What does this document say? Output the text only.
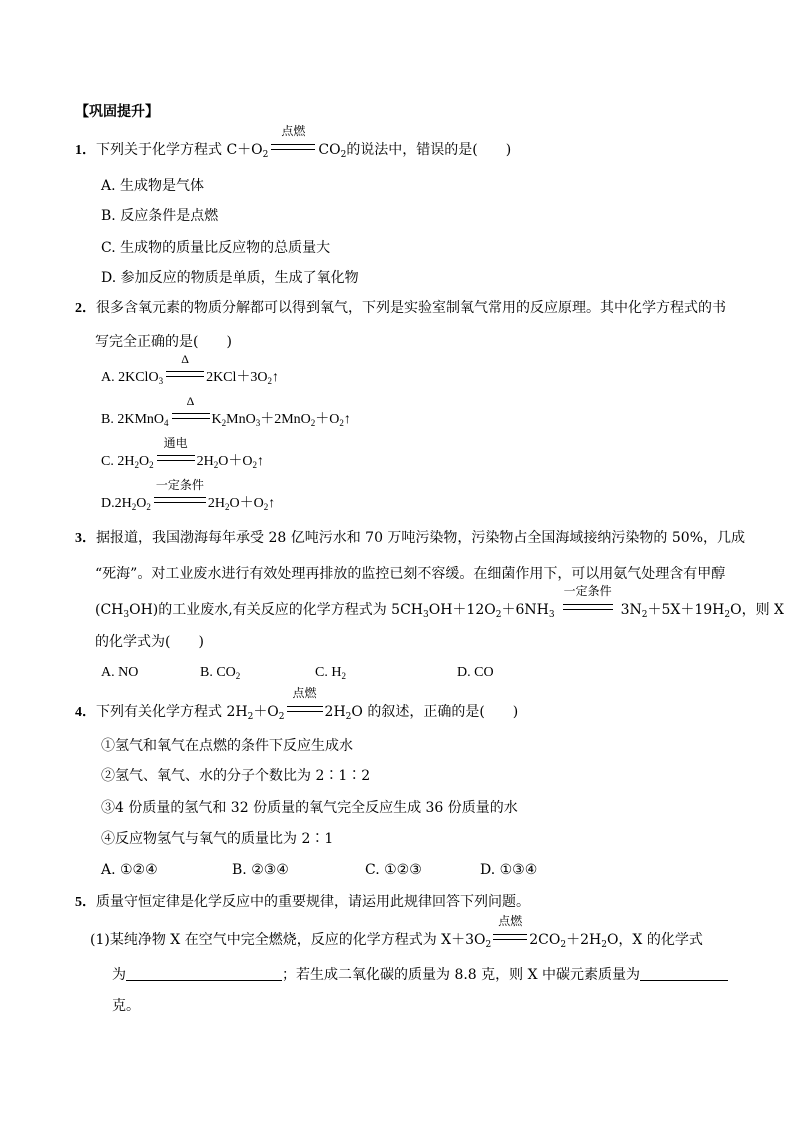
【巩固提升】
1．下列关于化学方程式 $C+O_2$
点燃
$CO_2$的说法中，错误的是(　　)
A. 生成物是气体
B. 反应条件是点燃
C. 生成物的质量比反应物的总质量大
D. 参加反应的物质是单质，生成了氧化物
2．很多含氧元素的物质分解都可以得到氧气，下列是实验室制氧气常用的反应原理。其中化学方程式的书
写完全正确的是(　　)
A. 2KClO$_3$
Δ
$2KCl+3O_2↑$
B. 2KMnO$_4$
Δ
$K_2MnO_3+2MnO_2+O_2↑$
C. $2H_2O_2$
通电
$2H_2O+O_2↑$
$D.2H_2O_2$
一定条件
$2H_2O+O_2↑$
3．据报道，我国渤海每年承受 28 亿吨污水和 70 万吨污染物，污染物占全国海域接纳污染物的 50%，几成
“死海”。对工业废水进行有效处理再排放的监控已刻不容缓。在细菌作用下，可以用氨气处理含有甲醇
$(CH_3OH)$的工业废水,有关反应的化学方程式为 $5CH_3OH+12O_2+6NH_3$
一定条件
$3N_2+5X+19H_2O$，则 X
的化学式为(　　)
A. NO	B. $CO_2$	C. $H_2$	D. CO
4．下列有关化学方程式 $2H_2+O_2$
点燃
$2H_2O$ 的叙述，正确的是(　　)
①氢气和氧气在点燃的条件下反应生成水
②氢气、氧气、水的分子个数比为 2∶1∶2
③4 份质量的氢气和 32 份质量的氧气完全反应生成 36 份质量的水
④反应物氢气与氧气的质量比为 2∶1
A. ①②④	B. ②③④	C. ①②③	D. ①③④
5．质量守恒定律是化学反应中的重要规律，请运用此规律回答下列问题。
(1)某纯净物 X 在空气中完全燃烧，反应的化学方程式为 $X+3O_2$
点燃
$2CO_2+2H_2O$，X 的化学式
为	；若生成二氧化碳的质量为 8.8 克，则 X 中碳元素质量为
克。
